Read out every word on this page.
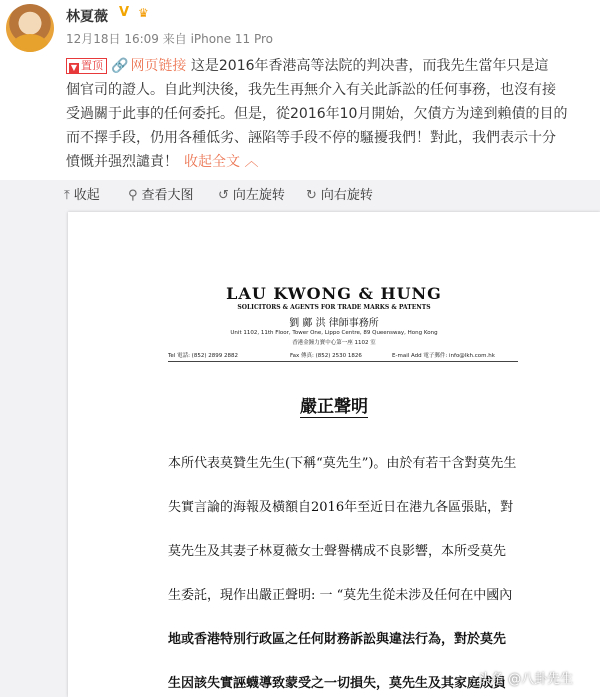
林夏薇 V ♛
12月18日 16:09 来自 iPhone 11 Pro
▼ 置顶 🔗 网页链接 这是2016年香港高等法院的判决書，而我先生當年只是這
個官司的證人。自此判決後，我先生再無介入有关此訴訟的任何事務，也沒有接
受過關于此事的任何委托。但是，從2016年10月開始，欠債方为達到賴債的目的
而不擇手段，仍用各種低劣、誣陷等手段不停的騷擾我們！對此，我們表示十分
憤慨并强烈譴責！ 收起全文 ︿
⤒ 收起 ⚲ 查看大图 ↺ 向左旋转 ↻ 向右旋转
LAU KWONG & HUNG
SOLICITORS & AGENTS FOR TRADE MARKS & PATENTS
劉 鄺 洪 律師事務所
Unit 1102, 11th Floor, Tower One, Lippo Centre, 89 Queensway, Hong Kong
香港金鐘力寶中心第一座 1102 室
Tel 電話: (852) 2899 2882	Fax 傳真: (852) 2530 1826	E-mail Add 電子郵件: info@lkh.com.hk
嚴正聲明
本所代表莫贊生先生(下稱“莫先生”)。由於有若干含對莫先生
失實言論的海報及橫額自2016年至近日在港九各區張貼，對
莫先生及其妻子林夏薇女士聲譽構成不良影響，本所受莫先
生委託，現作出嚴正聲明: 一 “莫先生從未涉及任何在中國內
地或香港特別行政區之任何財務訴訟與違法行為，對於莫先
生因該失實誣蠛導致蒙受之一切損失，莫先生及其家庭成員
头条 @八卦先生
